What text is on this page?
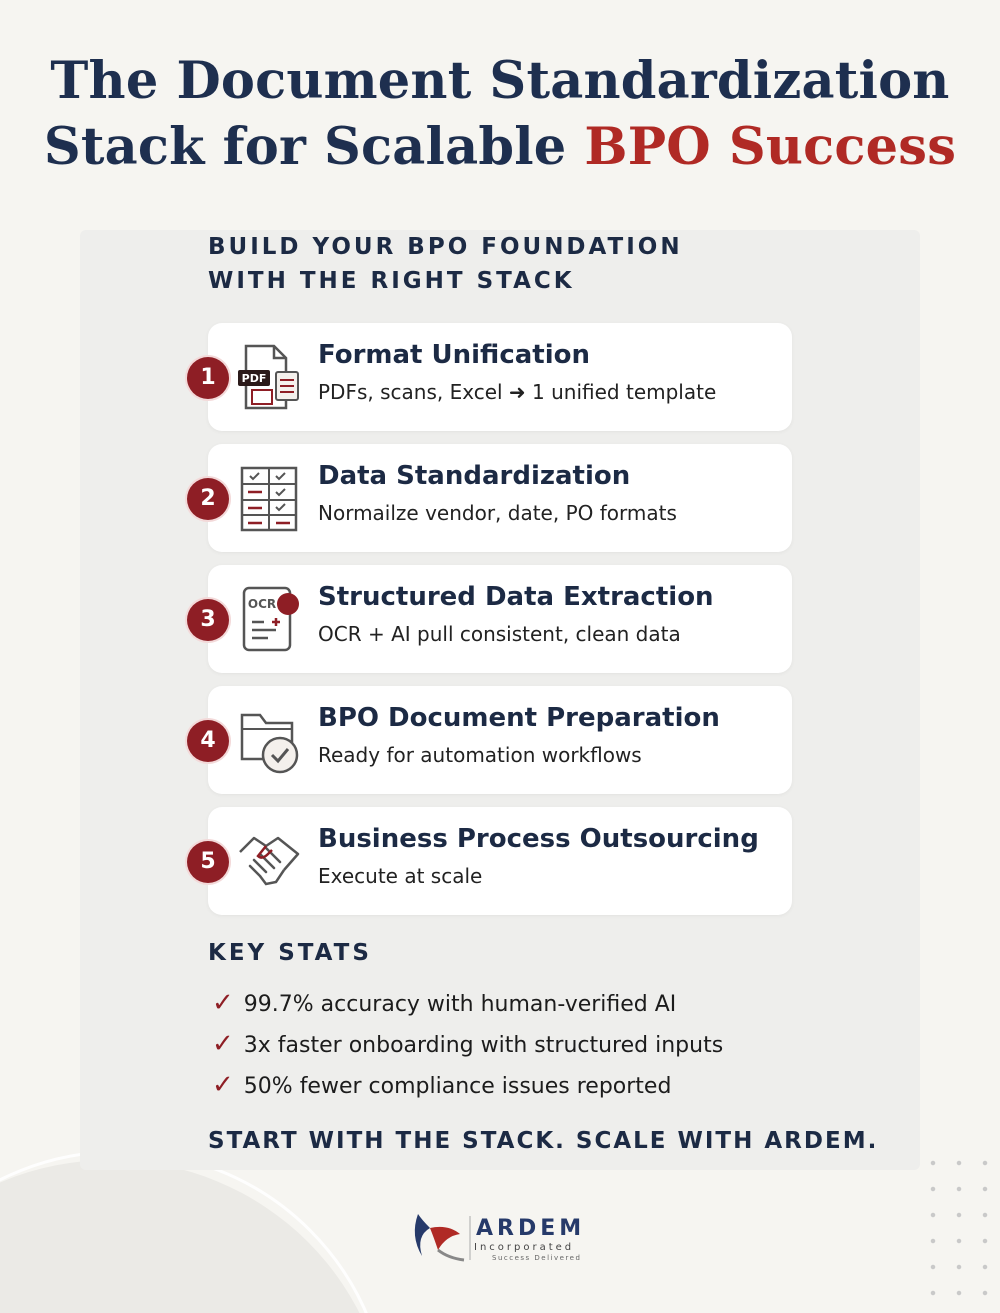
The Document Standardization
Stack for Scalable BPO Success
BUILD YOUR BPO FOUNDATION
WITH THE RIGHT STACK
1	PDF
Format Unification
PDFs, scans, Excel ➜ 1 unified template
2
Data Standardization
Normailze vendor, date, PO formats
3
OCR Structured Data Extraction
OCR + AI pull consistent, clean data
4
BPO Document Preparation
Ready for automation workflows
5
Business Process Outsourcing
Execute at scale
KEY STATS
✓ 99.7% accuracy with human-verified AI
✓ 3x faster onboarding with structured inputs
✓ 50% fewer compliance issues reported
START WITH THE STACK. SCALE WITH ARDEM.
ARDEM
Incorporated
Success Delivered
